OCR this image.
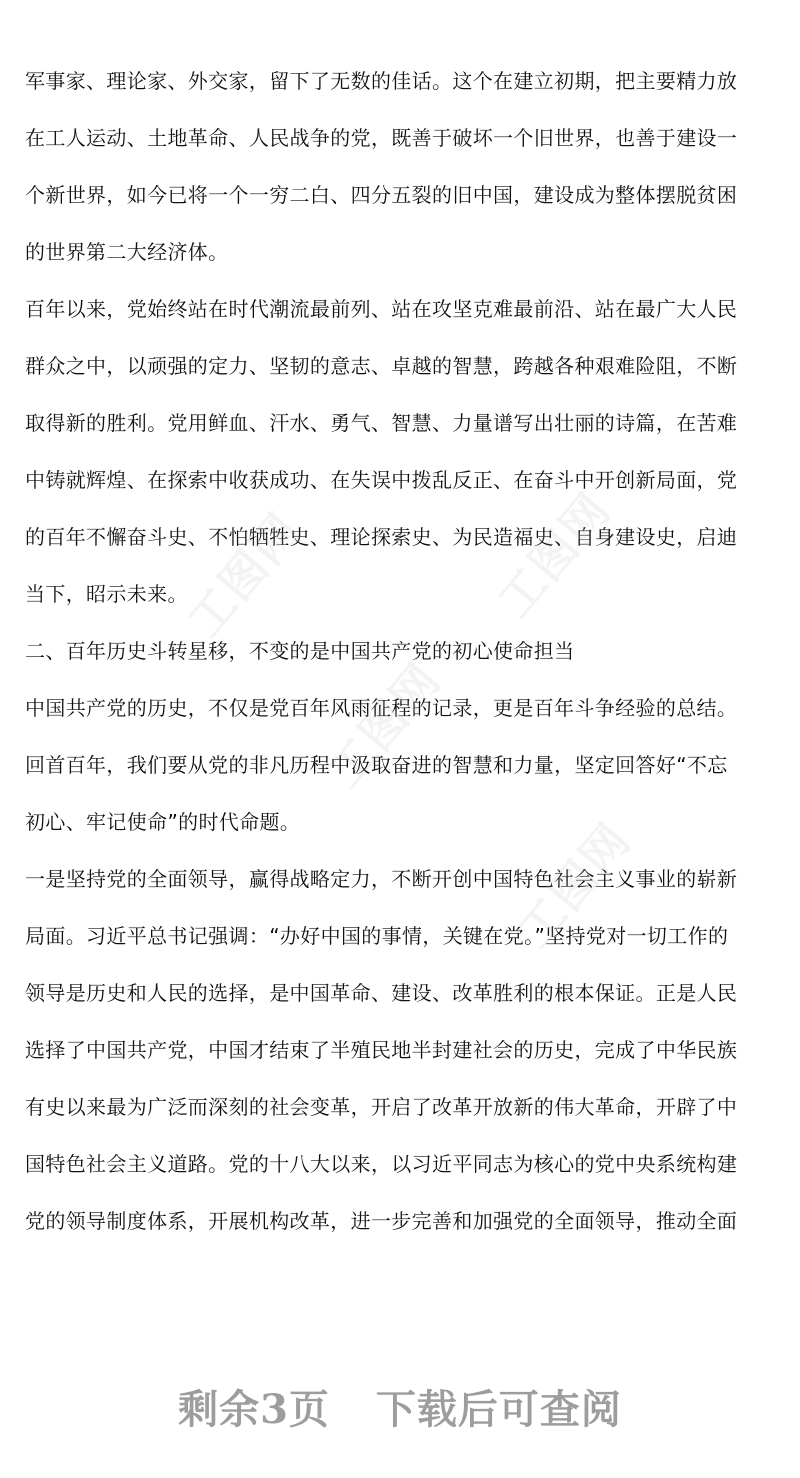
军事家、理论家、外交家，留下了无数的佳话。这个在建立初期，把主要精力放
在工人运动、土地革命、人民战争的党，既善于破坏一个旧世界，也善于建设一
个新世界，如今已将一个一穷二白、四分五裂的旧中国，建设成为整体摆脱贫困
的世界第二大经济体。
百年以来，党始终站在时代潮流最前列、站在攻坚克难最前沿、站在最广大人民
群众之中，以顽强的定力、坚韧的意志、卓越的智慧，跨越各种艰难险阻，不断
取得新的胜利。党用鲜血、汗水、勇气、智慧、力量谱写出壮丽的诗篇，在苦难
中铸就辉煌、在探索中收获成功、在失误中拨乱反正、在奋斗中开创新局面，党
的百年不懈奋斗史、不怕牺牲史、理论探索史、为民造福史、自身建设史，启迪
当下，昭示未来。
二、百年历史斗转星移，不变的是中国共产党的初心使命担当
中国共产党的历史，不仅是党百年风雨征程的记录，更是百年斗争经验的总结。
回首百年，我们要从党的非凡历程中汲取奋进的智慧和力量，坚定回答好“不忘
初心、牢记使命”的时代命题。
一是坚持党的全面领导，赢得战略定力，不断开创中国特色社会主义事业的崭新
局面。习近平总书记强调：“办好中国的事情，关键在党。”坚持党对一切工作的
领导是历史和人民的选择，是中国革命、建设、改革胜利的根本保证。正是人民
选择了中国共产党，中国才结束了半殖民地半封建社会的历史，完成了中华民族
有史以来最为广泛而深刻的社会变革，开启了改革开放新的伟大革命，开辟了中
国特色社会主义道路。党的十八大以来，以习近平同志为核心的党中央系统构建
党的领导制度体系，开展机构改革，进一步完善和加强党的全面领导，推动全面
工图网	工图网
工图网
工图网
剩余3页 下载后可查阅
